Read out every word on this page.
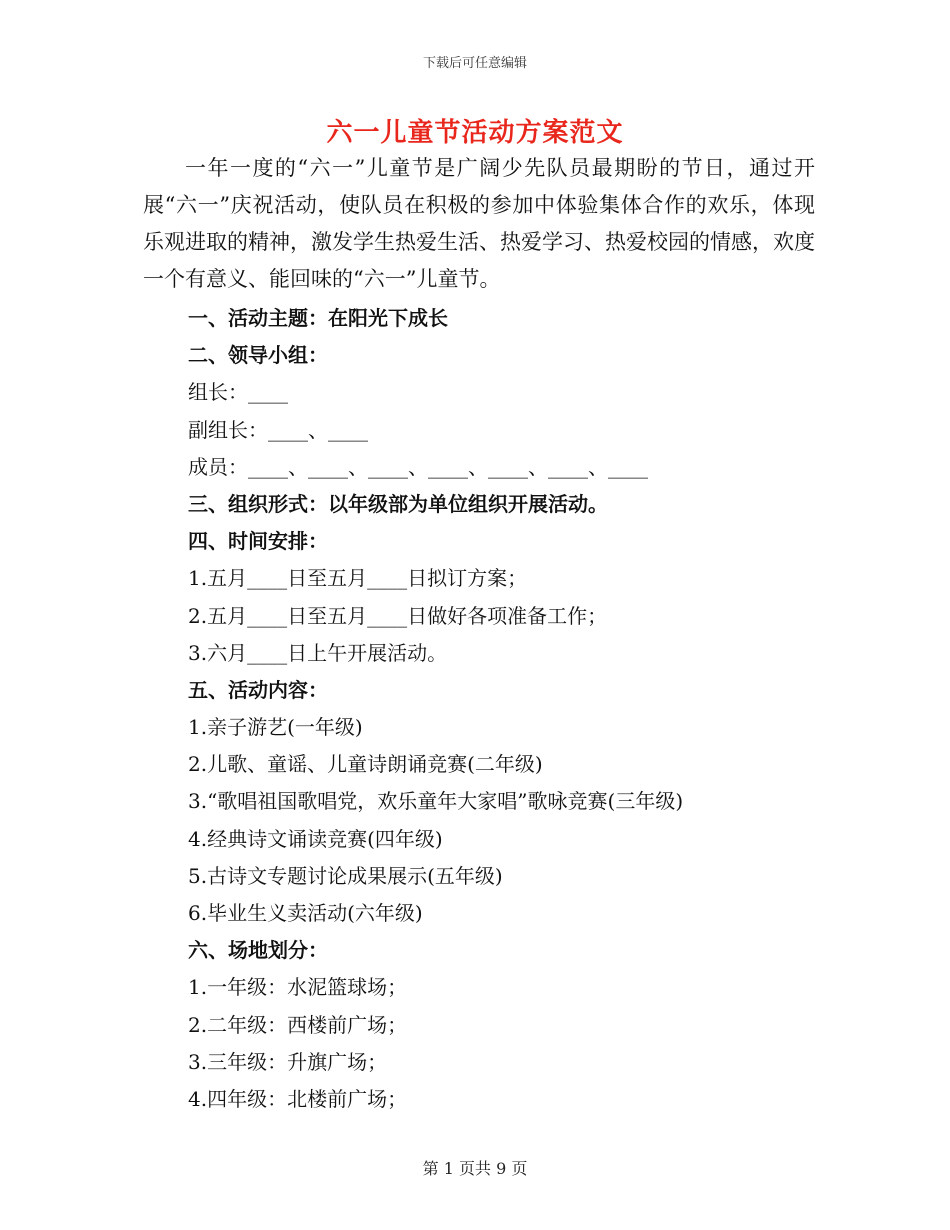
下载后可任意编辑
六一儿童节活动方案范文

一年一度的“六一”儿童节是广阔少先队员最期盼的节日，通过开展“六一”庆祝活动，使队员在积极的参加中体验集体合作的欢乐，体现乐观进取的精神，激发学生热爱生活、热爱学习、热爱校园的情感，欢度一个有意义、能回味的“六一”儿童节。

一、活动主题：在阳光下成长
二、领导小组：
组长：____
副组长：____、____
成员：____、____、____、____、____、____、____
三、组织形式：以年级部为单位组织开展活动。
四、时间安排：
1.五月____日至五月____日拟订方案；
2.五月____日至五月____日做好各项准备工作；
3.六月____日上午开展活动。
五、活动内容：
1.亲子游艺(一年级)
2.儿歌、童谣、儿童诗朗诵竞赛(二年级)
3.“歌唱祖国歌唱党，欢乐童年大家唱”歌咏竞赛(三年级)
4.经典诗文诵读竞赛(四年级)
5.古诗文专题讨论成果展示(五年级)
6.毕业生义卖活动(六年级)
六、场地划分：
1.一年级：水泥篮球场；
2.二年级：西楼前广场；
3.三年级：升旗广场；
4.四年级：北楼前广场；
第 1 页共 9 页
